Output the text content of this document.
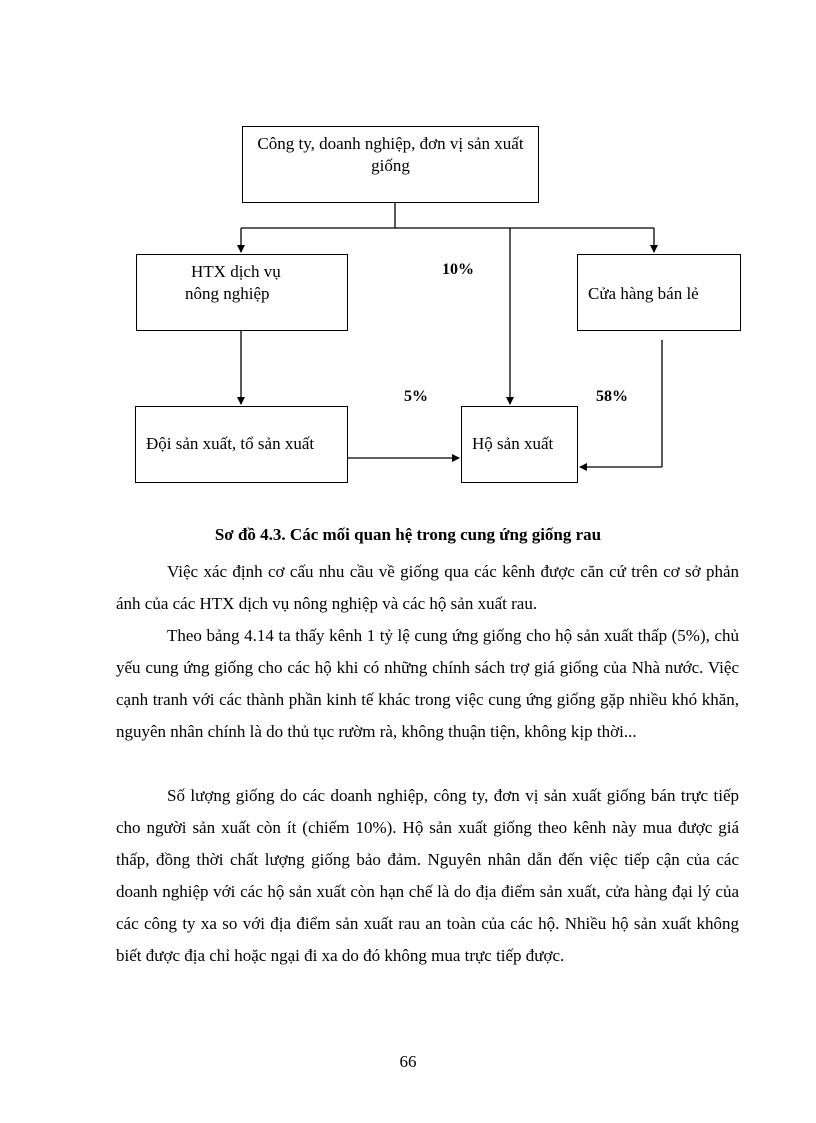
Công ty, doanh nghiệp, đơn vị sản xuất giống
HTX dịch vụ
nông nghiệp	Cửa hàng bán lẻ
Đội sản xuất, tổ sản xuất	Hộ sản xuất
10%
5%	58%
Sơ đồ 4.3. Các mối quan hệ trong cung ứng giống rau

Việc xác định cơ cấu nhu cầu về giống qua các kênh được căn cứ trên cơ sở phản ánh của các HTX dịch vụ nông nghiệp và các hộ sản xuất rau.

Theo bảng 4.14 ta thấy kênh 1 tỷ lệ cung ứng giống cho hộ sản xuất thấp (5%), chủ yếu cung ứng giống cho các hộ khi có những chính sách trợ giá giống của Nhà nước. Việc cạnh tranh với các thành phần kinh tế khác trong việc cung ứng giống gặp nhiều khó khăn, nguyên nhân chính là do thủ tục rườm rà, không thuận tiện, không kịp thời...

Số lượng giống do các doanh nghiệp, công ty, đơn vị sản xuất giống bán trực tiếp cho người sản xuất còn ít (chiếm 10%). Hộ sản xuất giống theo kênh này mua được giá thấp, đồng thời chất lượng giống bảo đảm. Nguyên nhân dẫn đến việc tiếp cận của các doanh nghiệp với các hộ sản xuất còn hạn chế là do địa điểm sản xuất, cửa hàng đại lý của các công ty xa so với địa điểm sản xuất rau an toàn của các hộ. Nhiều hộ sản xuất không biết được địa chỉ hoặc ngại đi xa do đó không mua trực tiếp được.

66
